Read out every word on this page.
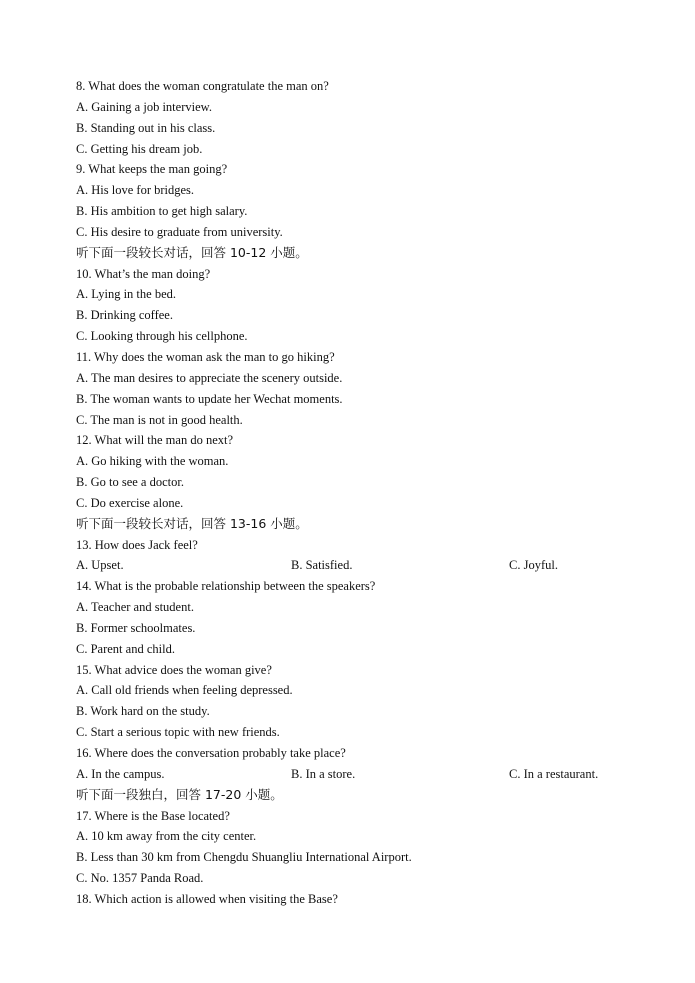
8. What does the woman congratulate the man on?
A. Gaining a job interview.
B. Standing out in his class.
C. Getting his dream job.
9. What keeps the man going?
A. His love for bridges.
B. His ambition to get high salary.
C. His desire to graduate from university.
听下面一段较长对话，回答 10-12 小题。
10. What’s the man doing?
A. Lying in the bed.
B. Drinking coffee.
C. Looking through his cellphone.
11. Why does the woman ask the man to go hiking?
A. The man desires to appreciate the scenery outside.
B. The woman wants to update her Wechat moments.
C. The man is not in good health.
12. What will the man do next?
A. Go hiking with the woman.
B. Go to see a doctor.
C. Do exercise alone.
听下面一段较长对话，回答 13-16 小题。
13. How does Jack feel?
A. Upset.	B. Satisfied.	C. Joyful.
14. What is the probable relationship between the speakers?
A. Teacher and student.
B. Former schoolmates.
C. Parent and child.
15. What advice does the woman give?
A. Call old friends when feeling depressed.
B. Work hard on the study.
C. Start a serious topic with new friends.
16. Where does the conversation probably take place?
A. In the campus.	B. In a store.	C. In a restaurant.
听下面一段独白，回答 17-20 小题。
17. Where is the Base located?
A. 10 km away from the city center.
B. Less than 30 km from Chengdu Shuangliu International Airport.
C. No. 1357 Panda Road.
18. Which action is allowed when visiting the Base?
